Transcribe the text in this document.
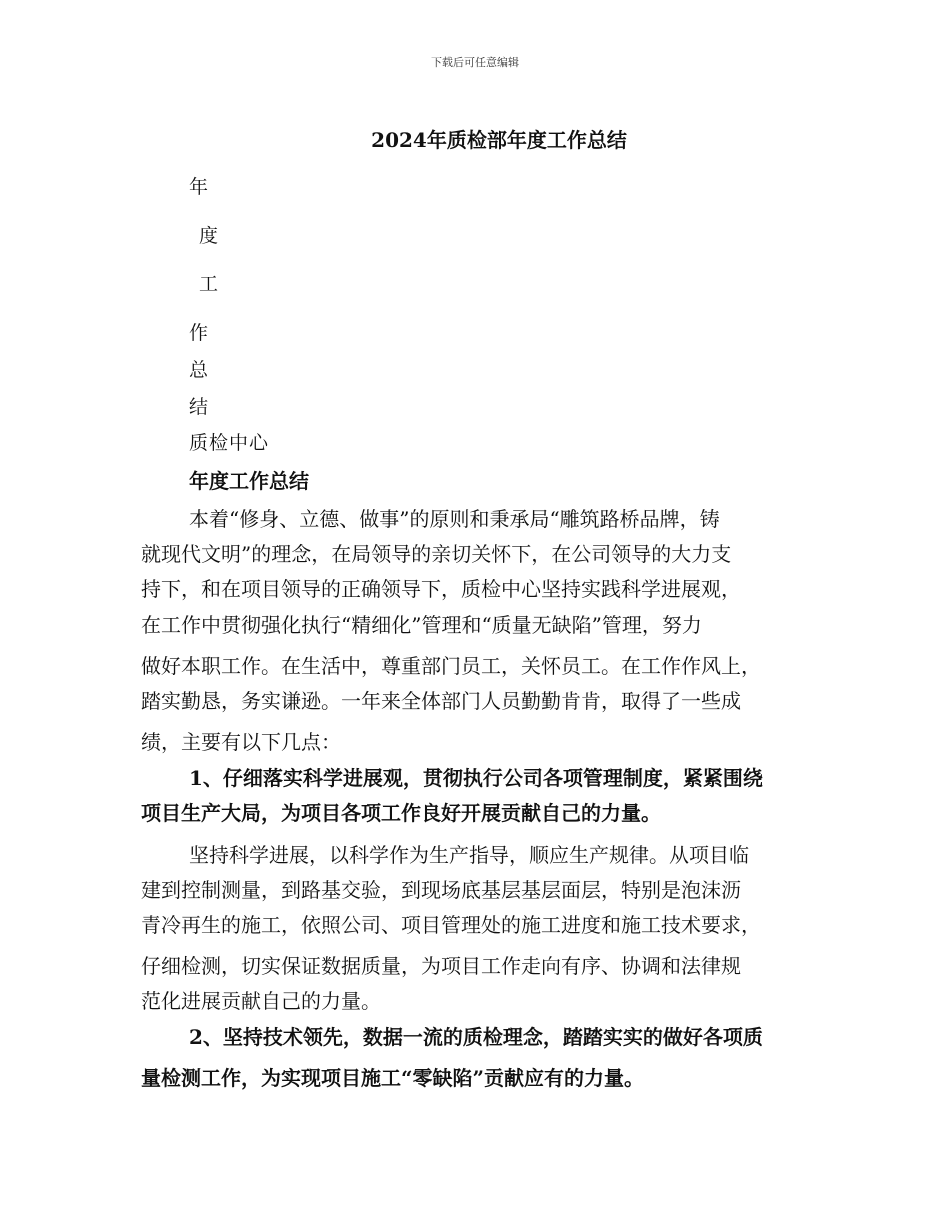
下载后可任意编辑
2024年质检部年度工作总结
年
度
工
作
总
结
质检中心
年度工作总结
本着“修身、立德、做事”的原则和秉承局“雕筑路桥品牌，铸
就现代文明”的理念，在局领导的亲切关怀下，在公司领导的大力支
持下，和在项目领导的正确领导下，质检中心坚持实践科学进展观，
在工作中贯彻强化执行“精细化”管理和“质量无缺陷”管理，努力
做好本职工作。在生活中，尊重部门员工，关怀员工。在工作作风上，
踏实勤恳，务实谦逊。一年来全体部门人员勤勤肯肯，取得了一些成
绩，主要有以下几点：
1、仔细落实科学进展观，贯彻执行公司各项管理制度，紧紧围绕
项目生产大局，为项目各项工作良好开展贡献自己的力量。
坚持科学进展，以科学作为生产指导，顺应生产规律。从项目临
建到控制测量，到路基交验，到现场底基层基层面层，特别是泡沫沥
青冷再生的施工，依照公司、项目管理处的施工进度和施工技术要求，
仔细检测，切实保证数据质量，为项目工作走向有序、协调和法律规
范化进展贡献自己的力量。
2、坚持技术领先，数据一流的质检理念，踏踏实实的做好各项质
量检测工作，为实现项目施工“零缺陷”贡献应有的力量。
